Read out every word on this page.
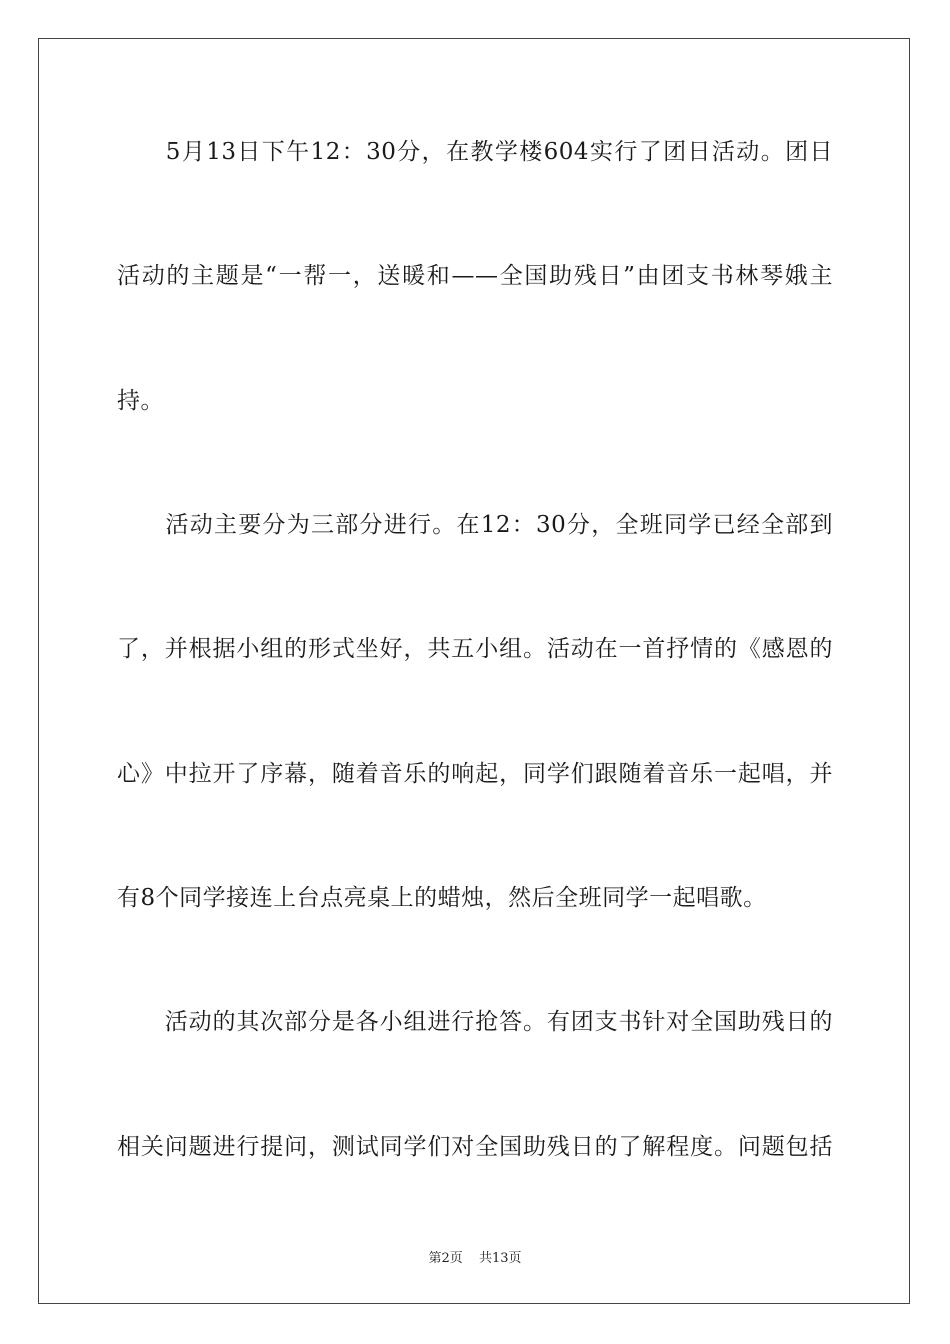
　　5月13日下午12：30分，在教学楼604实行了团日活动。团日
活动的主题是“一帮一，送暖和——全国助残日”由团支书林琴娥主
持。
　　活动主要分为三部分进行。在12：30分，全班同学已经全部到
了，并根据小组的形式坐好，共五小组。活动在一首抒情的《感恩的
心》中拉开了序幕，随着音乐的响起，同学们跟随着音乐一起唱，并
有8个同学接连上台点亮桌上的蜡烛，然后全班同学一起唱歌。
　　活动的其次部分是各小组进行抢答。有团支书针对全国助残日的
相关问题进行提问，测试同学们对全国助残日的了解程度。问题包括
第2页 共13页
